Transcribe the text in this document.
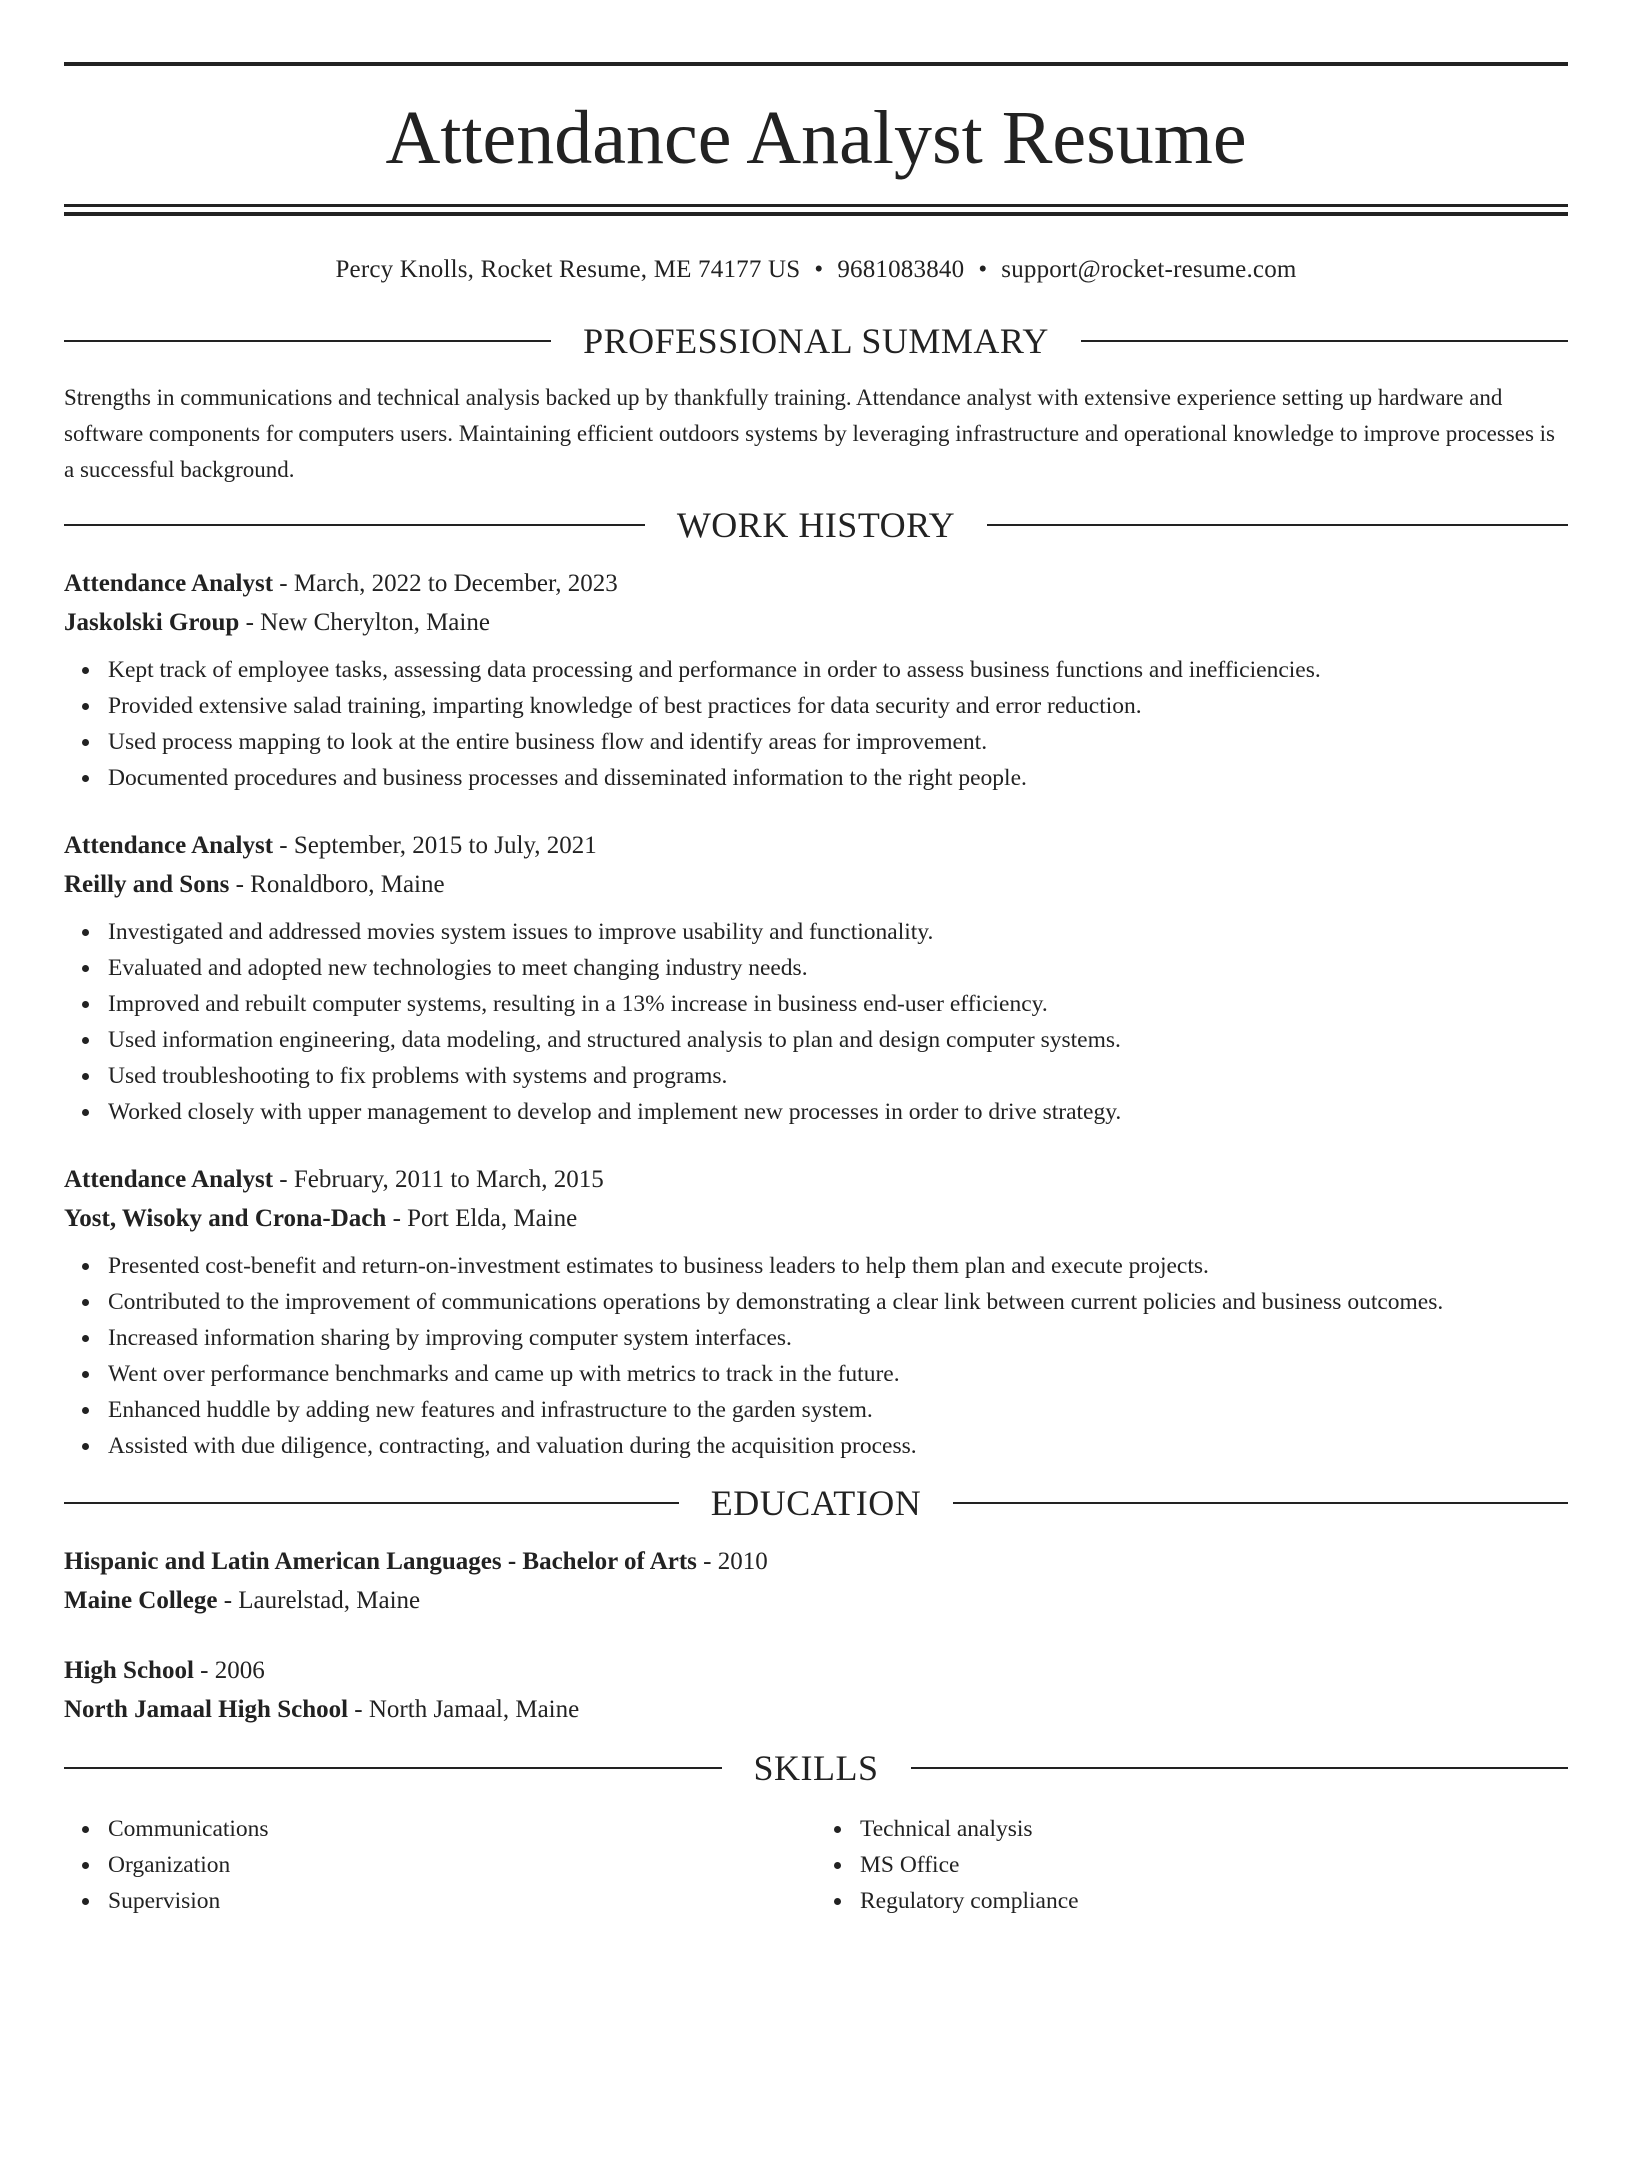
Attendance Analyst Resume
Percy Knolls, Rocket Resume, ME 74177 US • 9681083840 • support@rocket-resume.com
PROFESSIONAL SUMMARY

Strengths in communications and technical analysis backed up by thankfully training. Attendance analyst with extensive experience setting up hardware and software components for computers users. Maintaining efficient outdoors systems by leveraging infrastructure and operational knowledge to improve processes is a successful background.

WORK HISTORY

Attendance Analyst - March, 2022 to December, 2023

Jaskolski Group - New Cherylton, Maine

Kept track of employee tasks, assessing data processing and performance in order to assess business functions and inefficiencies.
Provided extensive salad training, imparting knowledge of best practices for data security and error reduction.
Used process mapping to look at the entire business flow and identify areas for improvement.
Documented procedures and business processes and disseminated information to the right people.

Attendance Analyst - September, 2015 to July, 2021

Reilly and Sons - Ronaldboro, Maine

Investigated and addressed movies system issues to improve usability and functionality.
Evaluated and adopted new technologies to meet changing industry needs.
Improved and rebuilt computer systems, resulting in a 13% increase in business end-user efficiency.
Used information engineering, data modeling, and structured analysis to plan and design computer systems.
Used troubleshooting to fix problems with systems and programs.
Worked closely with upper management to develop and implement new processes in order to drive strategy.

Attendance Analyst - February, 2011 to March, 2015

Yost, Wisoky and Crona-Dach - Port Elda, Maine

Presented cost-benefit and return-on-investment estimates to business leaders to help them plan and execute projects.
Contributed to the improvement of communications operations by demonstrating a clear link between current policies and business outcomes.
Increased information sharing by improving computer system interfaces.
Went over performance benchmarks and came up with metrics to track in the future.
Enhanced huddle by adding new features and infrastructure to the garden system.
Assisted with due diligence, contracting, and valuation during the acquisition process.
EDUCATION

Hispanic and Latin American Languages - Bachelor of Arts - 2010

Maine College - Laurelstad, Maine

High School - 2006

North Jamaal High School - North Jamaal, Maine

SKILLS
Communications
Organization
Supervision
Technical analysis
MS Office
Regulatory compliance
